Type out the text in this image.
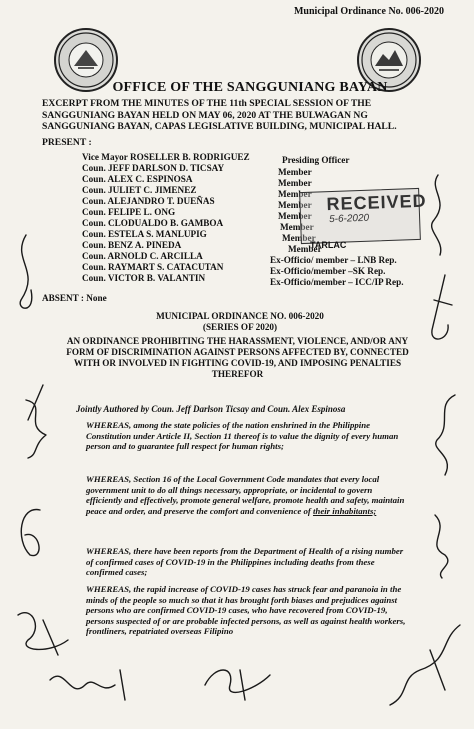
Municipal Ordinance No. 006-2020
OFFICE OF THE SANGGUNIANG BAYAN
EXCERPT FROM THE MINUTES OF THE 11th SPECIAL SESSION OF THE SANGGUNIANG BAYAN HELD ON MAY 06, 2020 AT THE BULWAGAN NG SANGGUNIANG BAYAN, CAPAS LEGISLATIVE BUILDING, MUNICIPAL HALL.
PRESENT :
Vice Mayor ROSELLER B. RODRIGUEZ	Presiding Officer
Coun. JEFF DARLSON D. TICSAY	Member
Coun. ALEX C. ESPINOSA	Member
Coun. JULIET C. JIMENEZ	Member
Coun. ALEJANDRO T. DUEÑAS	Member
Coun. FELIPE L. ONG	Member
Coun. CLODUALDO B. GAMBOA	Member
Coun. ESTELA S. MANLUPIG	Member
Coun. BENZ A. PINEDA	Member
Coun. ARNOLD C. ARCILLA	Ex-Officio/ member – LNB Rep.
Coun. RAYMART S. CATACUTAN	Ex-Officio/member –SK Rep.
Coun. VICTOR B. VALANTIN	Ex-Officio/member – ICC/IP Rep.
RECEIVED
5-6-2020
TARLAC
ABSENT : None
MUNICIPAL ORDINANCE NO. 006-2020
(SERIES OF 2020)
AN ORDINANCE PROHIBITING THE HARASSMENT, VIOLENCE, AND/OR ANY FORM OF DISCRIMINATION AGAINST PERSONS AFFECTED BY, CONNECTED WITH OR INVOLVED IN FIGHTING COVID-19, AND IMPOSING PENALTIES THEREFOR
Jointly Authored by Coun. Jeff Darlson Ticsay and Coun. Alex Espinosa
WHEREAS, among the state policies of the nation enshrined in the Philippine Constitution under Article II, Section 11 thereof is to value the dignity of every human person and to guarantee full respect for human rights;
WHEREAS, Section 16 of the Local Government Code mandates that every local government unit to do all things necessary, appropriate, or incidental to govern efficiently and effectively, promote general welfare, promote health and safety, maintain peace and order, and preserve the comfort and convenience of their inhabitants;
WHEREAS, there have been reports from the Department of Health of a rising number of confirmed cases of COVID-19 in the Philippines including deaths from these confirmed cases;
WHEREAS, the rapid increase of COVID-19 cases has struck fear and paranoia in the minds of the people so much so that it has brought forth biases and prejudices against persons who are confirmed COVID-19 cases, who have recovered from COVID-19, persons suspected of or are probable infected persons, as well as against health workers, frontliners, repatriated overseas Filipino
